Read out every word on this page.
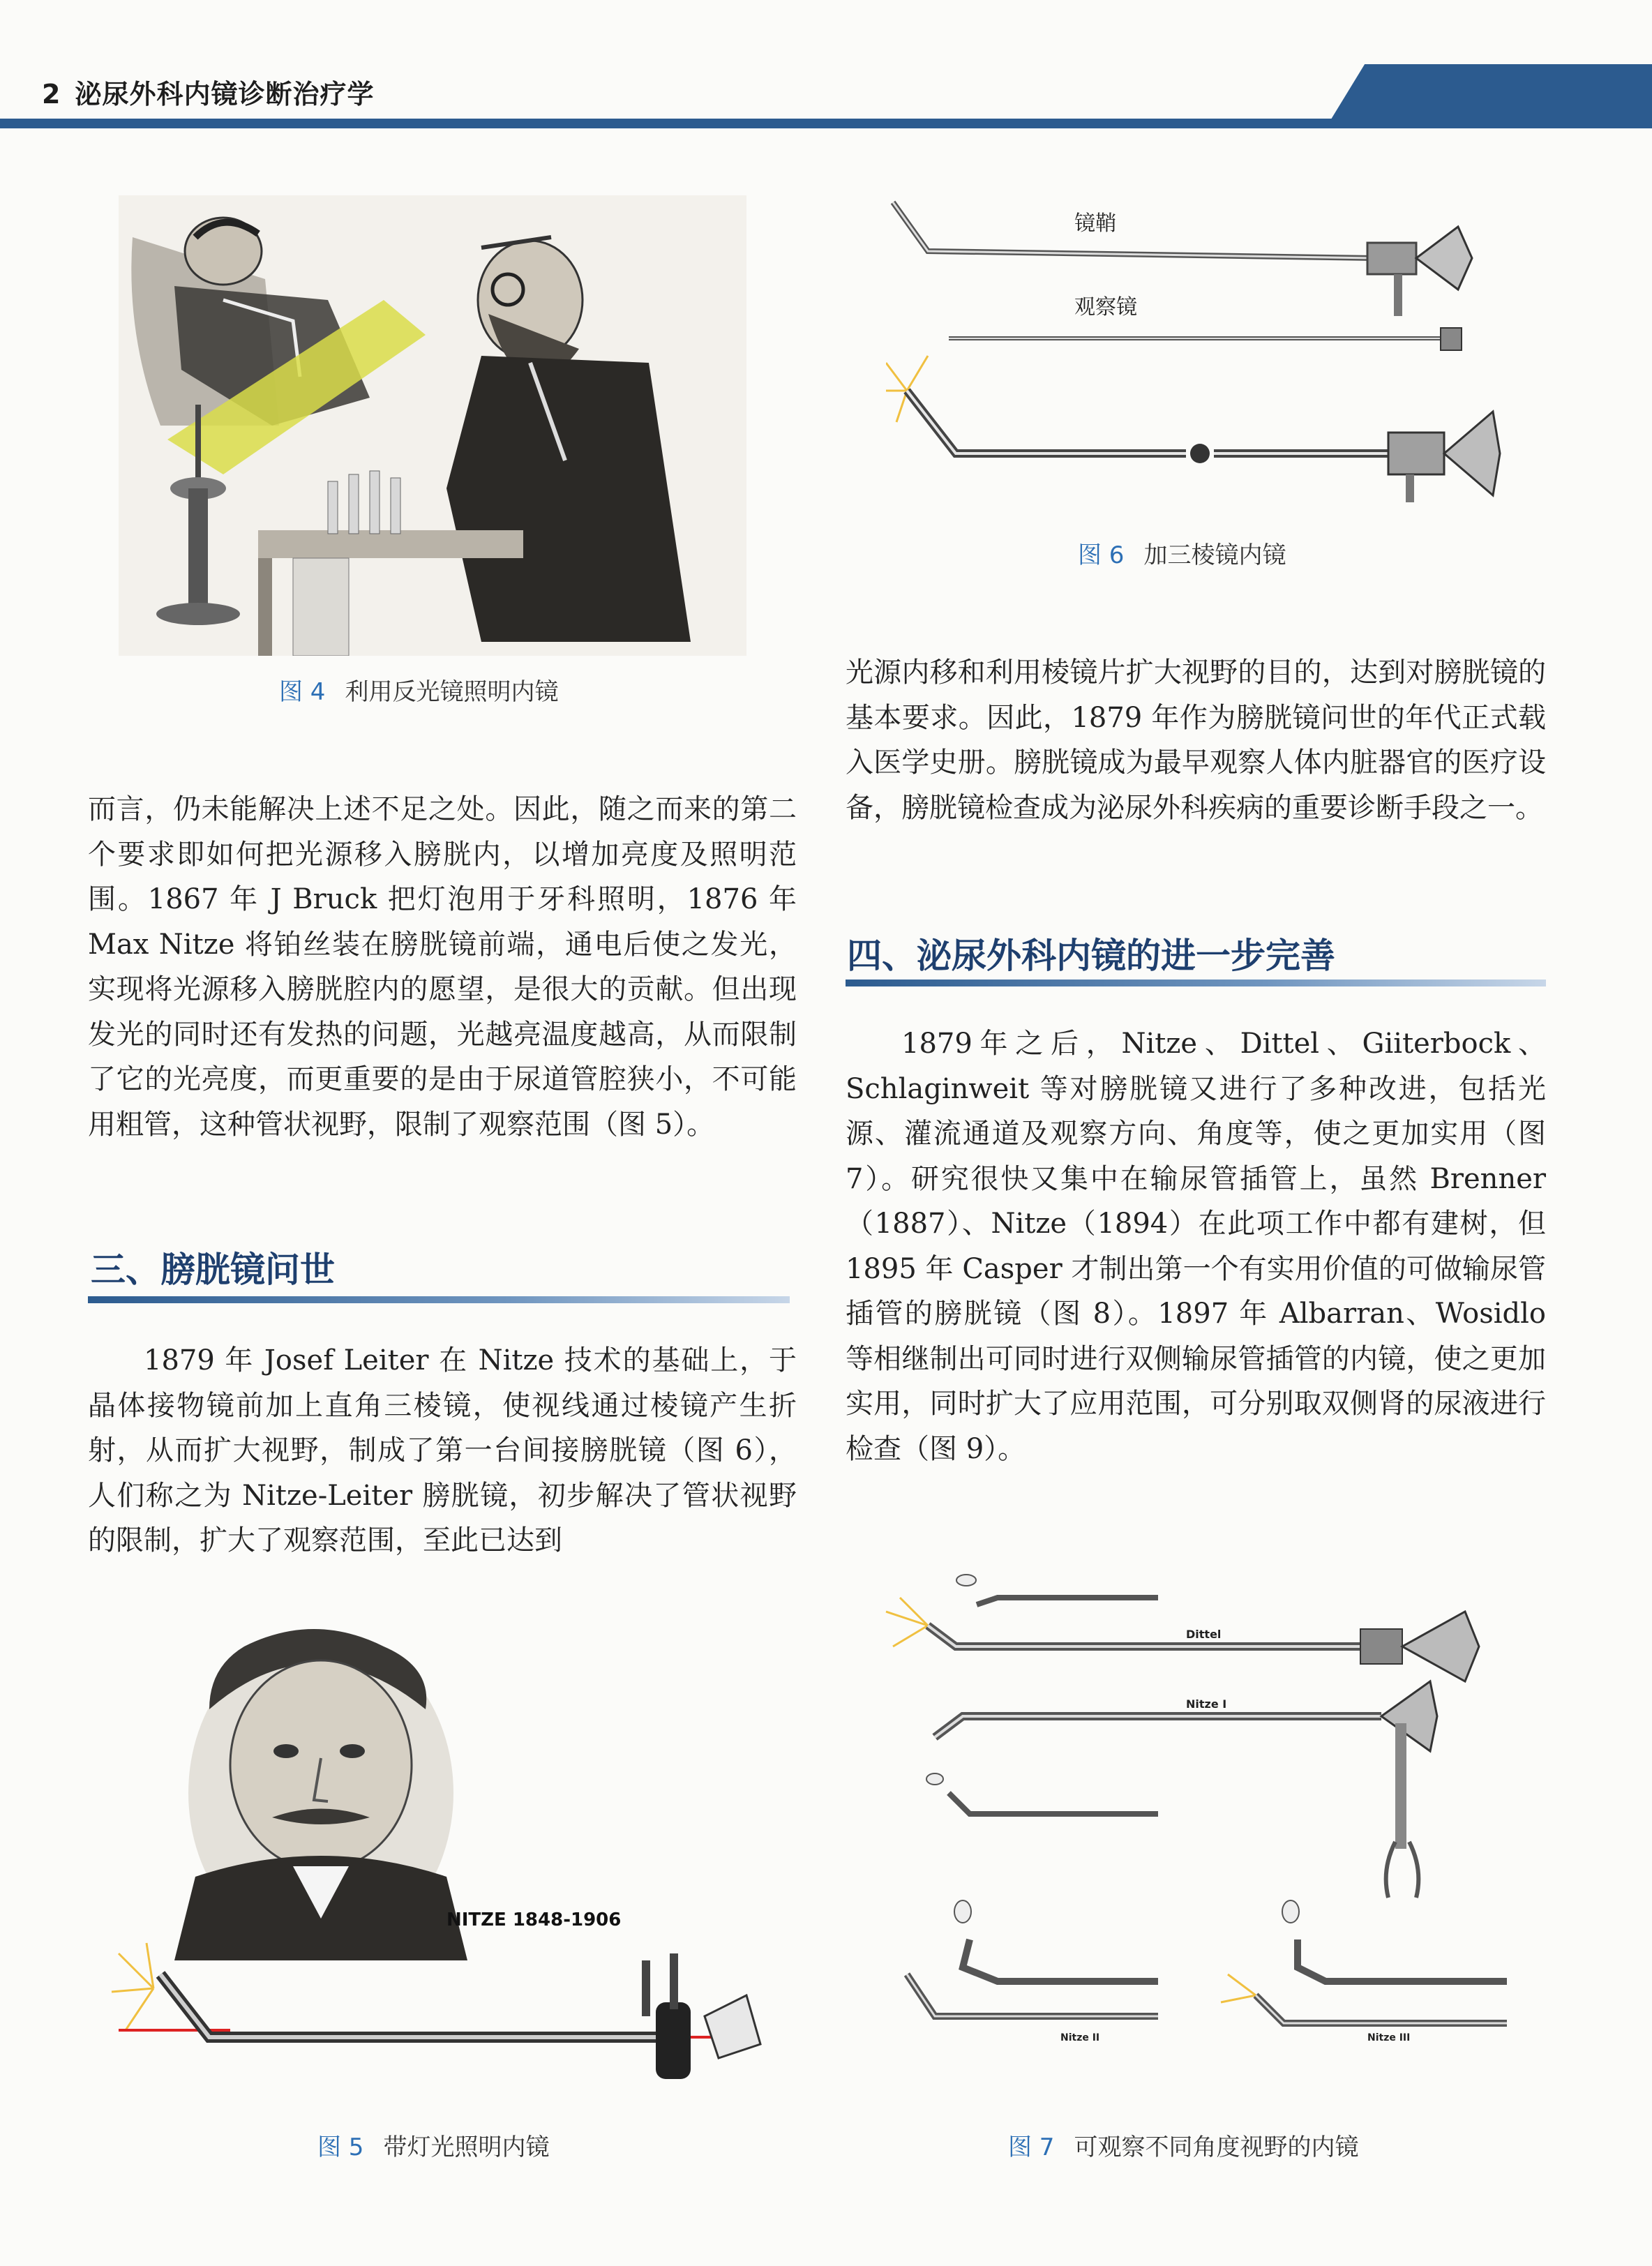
2 泌尿外科内镜诊断治疗学
图 4 利用反光镜照明内镜
镜鞘
观察镜
图 6 加三棱镜内镜

而言，仍未能解决上述不足之处。因此，随之而来的第二个要求即如何把光源移入膀胱内，以增加亮度及照明范围。1867 年 J Bruck 把灯泡用于牙科照明，1876 年 Max Nitze 将铂丝装在膀胱镜前端，通电后使之发光，实现将光源移入膀胱腔内的愿望，是很大的贡献。但出现发光的同时还有发热的问题，光越亮温度越高，从而限制了它的光亮度，而更重要的是由于尿道管腔狭小，不可能用粗管，这种管状视野，限制了观察范围（图 5）。

三、膀胱镜问世

1879 年 Josef Leiter 在 Nitze 技术的基础上，于晶体接物镜前加上直角三棱镜，使视线通过棱镜产生折射，从而扩大视野，制成了第一台间接膀胱镜（图 6），人们称之为 Nitze-Leiter 膀胱镜，初步解决了管状视野的限制，扩大了观察范围，至此已达到

光源内移和利用棱镜片扩大视野的目的，达到对膀胱镜的基本要求。因此，1879 年作为膀胱镜问世的年代正式载入医学史册。膀胱镜成为最早观察人体内脏器官的医疗设备，膀胱镜检查成为泌尿外科疾病的重要诊断手段之一。

四、泌尿外科内镜的进一步完善

1879年之后，Nitze、Dittel、Giiterbock、Schlaginweit 等对膀胱镜又进行了多种改进，包括光源、灌流通道及观察方向、角度等，使之更加实用（图 7）。研究很快又集中在输尿管插管上，虽然 Brenner（1887）、Nitze（1894）在此项工作中都有建树，但 1895 年 Casper 才制出第一个有实用价值的可做输尿管插管的膀胱镜（图 8）。1897 年 Albarran、Wosidlo 等相继制出可同时进行双侧输尿管插管的内镜，使之更加实用，同时扩大了应用范围，可分别取双侧肾的尿液进行检查（图 9）。

NITZE 1848-1906
图 5 带灯光照明内镜
Dittel
Nitze I
Nitze II	Nitze III
图 7 可观察不同角度视野的内镜
